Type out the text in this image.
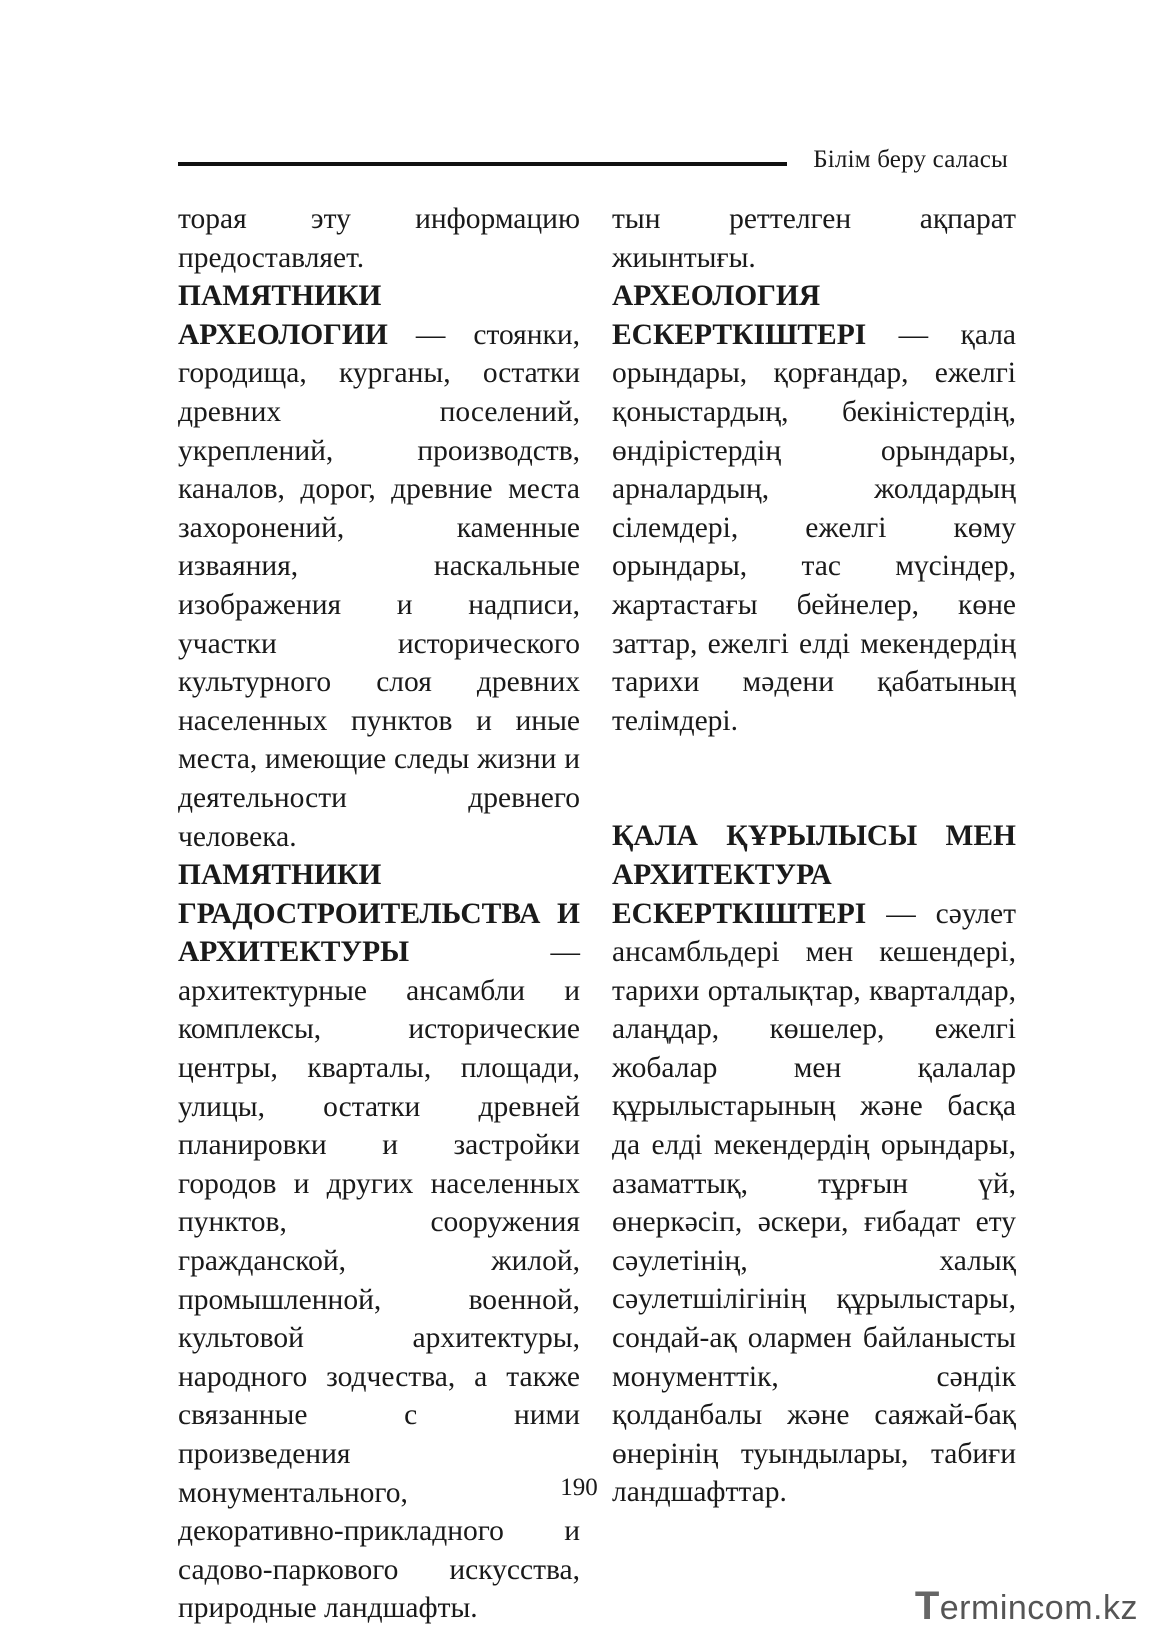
Білім беру саласы

торая эту информацию предоставляет.

ПАМЯТНИКИ АРХЕОЛОГИИ — стоянки, городища, курганы, остатки древних поселений, укреплений, производств, каналов, дорог, древние места захоронений, каменные изваяния, наскальные изображения и надписи, участки исторического культурного слоя древних населенных пунктов и иные места, имеющие следы жизни и деятельности древнего человека.

ПАМЯТНИКИ ГРАДОСТРОИТЕЛЬСТВА И АРХИТЕКТУРЫ	— архитектурные ансамбли и комплексы, исторические центры, кварталы, площади, улицы, остатки древней планировки и застройки городов и других населенных пунктов, сооружения гражданской, жилой, промышленной, военной, культовой архитектуры, народного зодчества, а также связанные с ними произведения монументального, декоративно-прикладного и садово-паркового искусства, природные ландшафты.

тын реттелген ақпарат жиынтығы.

АРХЕОЛОГИЯ ЕСКЕРТКІШТЕРІ — қала орындары, қорғандар, ежелгі қоныстардың, бекіністердің, өндірістердің орындары, арналардың, жолдардың сілемдері, ежелгі көму орындары, тас мүсіндер, жартастағы бейнелер, көне заттар, ежелгі елді мекендердің тарихи мәдени қабатының телімдері.

ҚАЛА ҚҰРЫЛЫСЫ МЕН АРХИТЕКТУРА ЕСКЕРТКІШТЕРІ — сәулет ансамбльдері мен кешендері, тарихи орталықтар, кварталдар, алаңдар, көшелер, ежелгі жобалар мен қалалар құрылыстарының және басқа да елді мекендердің орындары, азаматтық, тұрғын үй, өнеркәсіп, әскери, ғибадат ету сәулетінің, халық сәулетшілігінің құрылыстары, сондай-ақ олармен байланысты монументтік, сәндік қолданбалы және саяжай-бақ өнерінің туындылары, табиғи ландшафттар.

190
Termincom.kz
